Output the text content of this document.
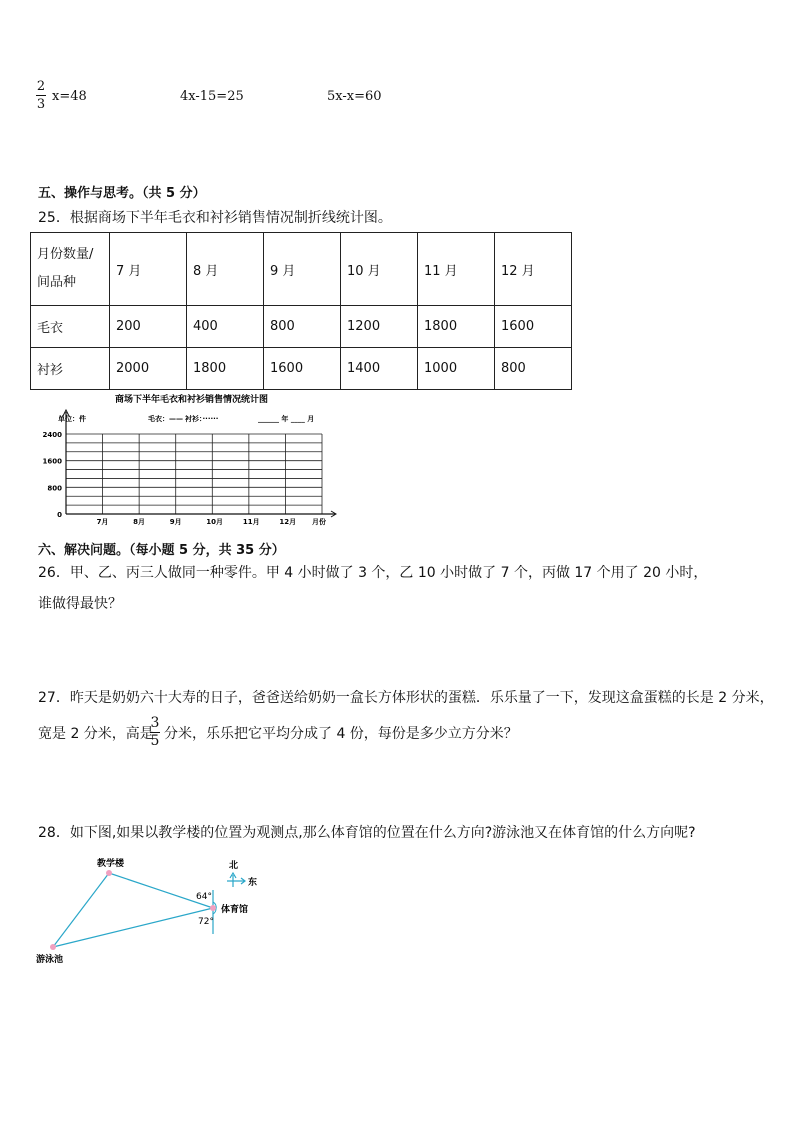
2
3
x=48	4x-15=25	5x-x=60
五、操作与思考。（共 5 分）
25．根据商场下半年毛衣和衬衫销售情况制折线统计图。
月份数量/
间品种	7 月	8 月	9 月	10 月	11 月	12 月
毛衣	200	400	800	1200	1800	1600
衬衫	2000	1800	1600	1400	1000	800
商场下半年毛衣和衬衫销售情况统计图
单位：件	毛衣：—— 衬衫：······	______ 年 ____ 月
0
800
1600
2400
7月	8月	9月	10月	11月	12月 月份
六、解决问题。（每小题 5 分，共 35 分）
26．甲、乙、丙三人做同一种零件。甲 4 小时做了 3 个，乙 10 小时做了 7 个，丙做 17 个用了 20 小时，
谁做得最快？
27．昨天是奶奶六十大寿的日子，爸爸送给奶奶一盒长方体形状的蛋糕．乐乐量了一下，发现这盒蛋糕的长是 2 分米，
宽是 2 分米，高是
3
5 分米，乐乐把它平均分成了 4 份，每份是多少立方分米？
28．如下图,如果以教学楼的位置为观测点,那么体育馆的位置在什么方向?游泳池又在体育馆的什么方向呢?
教学楼
体育馆
游泳池
64°
72°
北
东
